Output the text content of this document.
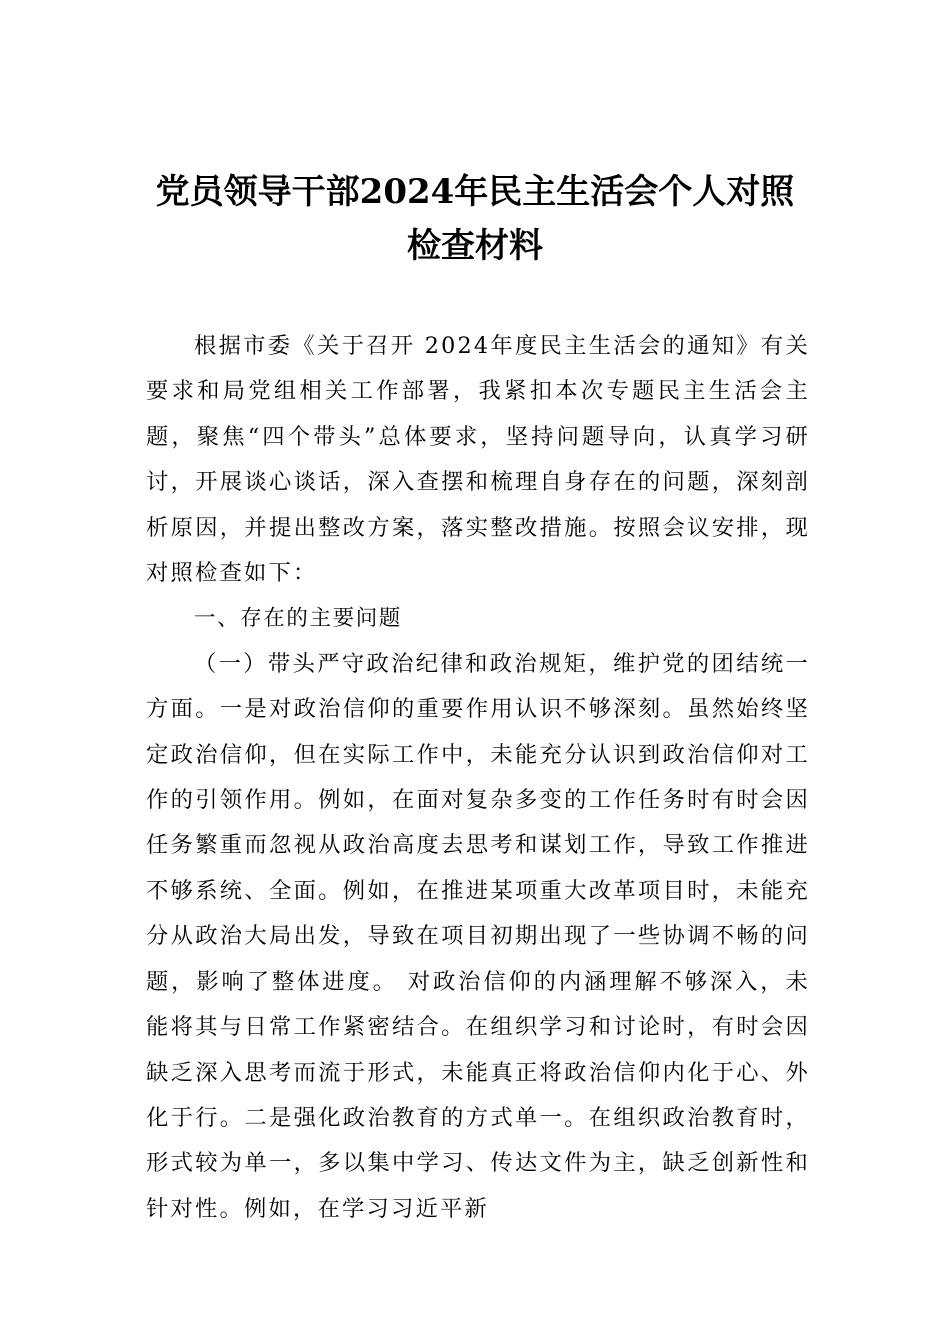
党员领导干部2024年民主生活会个人对照
检查材料

根据市委《关于召开 2024年度民主生活会的通知》有关要求和局党组相关工作部署，我紧扣本次专题民主生活会主题，聚焦“四个带头”总体要求，坚持问题导向，认真学习研讨，开展谈心谈话，深入查摆和梳理自身存在的问题，深刻剖析原因，并提出整改方案，落实整改措施。按照会议安排，现对照检查如下：

一、存在的主要问题

（一）带头严守政治纪律和政治规矩，维护党的团结统一方面。一是对政治信仰的重要作用认识不够深刻。虽然始终坚定政治信仰，但在实际工作中，未能充分认识到政治信仰对工作的引领作用。例如，在面对复杂多变的工作任务时有时会因任务繁重而忽视从政治高度去思考和谋划工作，导致工作推进不够系统、全面。例如，在推进某项重大改革项目时，未能充分从政治大局出发，导致在项目初期出现了一些协调不畅的问题，影响了整体进度。 对政治信仰的内涵理解不够深入，未能将其与日常工作紧密结合。在组织学习和讨论时，有时会因缺乏深入思考而流于形式，未能真正将政治信仰内化于心、外化于行。二是强化政治教育的方式单一。在组织政治教育时，形式较为单一，多以集中学习、传达文件为主，缺乏创新性和针对性。例如，在学习习近平新
